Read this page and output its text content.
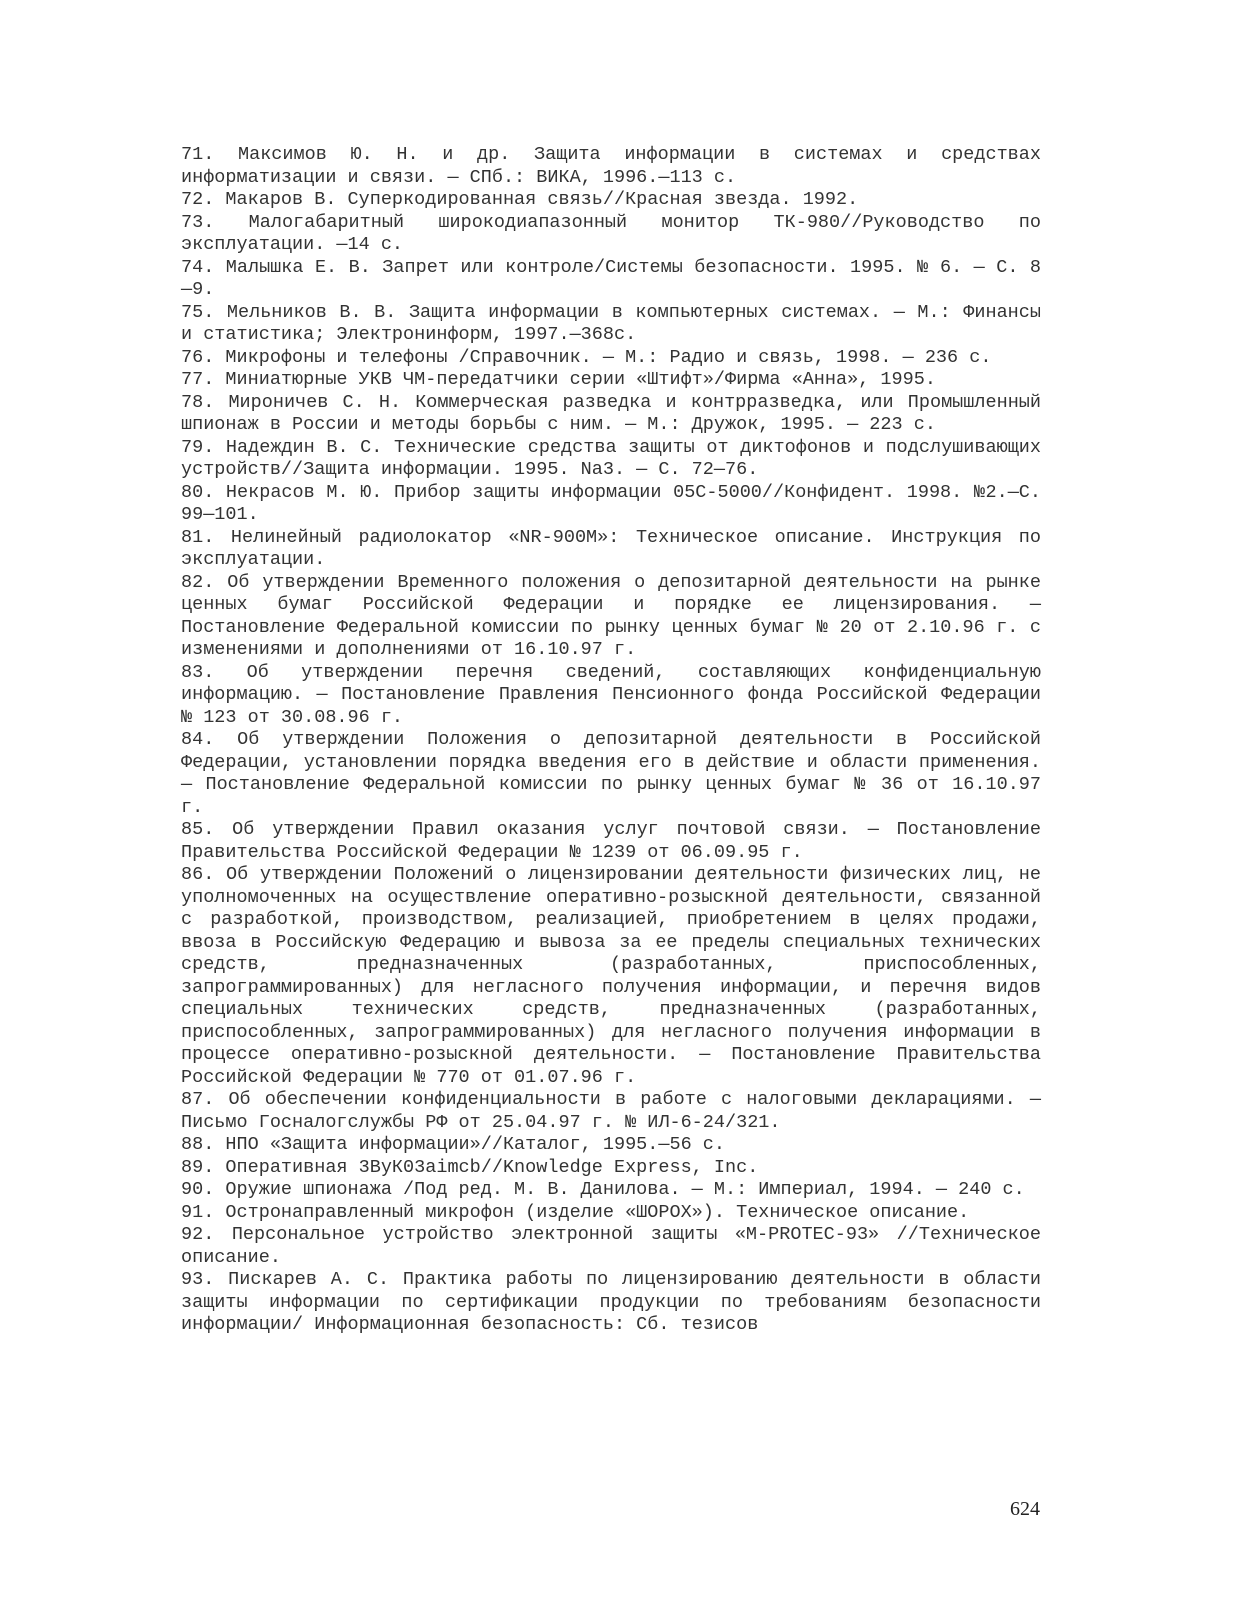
71. Максимов Ю. Н. и др. Защита информации в системах и средствах информатизации и связи. — СПб.: ВИКА, 1996.—113 с.

72. Макаров В. Суперкодированная связь//Красная звезда. 1992.

73. Малогабаритный широкодиапазонный монитор ТК-980//Руководство по эксплуатации. —14 с.

74. Малышка Е. В. Запрет или контроле/Системы безопасности. 1995. № 6. — С. 8—9.

75. Мельников В. В. Защита информации в компьютерных системах. — М.: Финансы и статистика; Электронинформ, 1997.—368с.

76. Микрофоны и телефоны /Справочник. — М.: Радио и связь, 1998. — 236 с.

77. Миниатюрные УКВ ЧМ-передатчики серии «Штифт»/Фирма «Анна», 1995.

78. Мироничев С. Н. Коммерческая разведка и контрразведка, или Промышленный шпионаж в России и методы борьбы с ним. — М.: Дружок, 1995. — 223 с.

79. Надеждин В. С. Технические средства защиты от диктофонов и подслушивающих устройств//Защита информации. 1995. Na3. — С. 72—76.

80. Некрасов М. Ю. Прибор защиты информации 05С-5000//Конфидент. 1998. №2.—С. 99—101.

81. Нелинейный радиолокатор «NR-900М»: Техническое описание. Инструкция по эксплуатации.

82. Об утверждении Временного положения о депозитарной деятельности на рынке ценных бумаг Российской Федерации и порядке ее лицензирования. — Постановление Федеральной комиссии по рынку ценных бумаг № 20 от 2.10.96 г. с изменениями и дополнениями от 16.10.97 г.

83. Об утверждении перечня сведений, составляющих конфиденциальную информацию. — Постановление Правления Пенсионного фонда Российской Федерации № 123 от 30.08.96 г.

84. Об утверждении Положения о депозитарной деятельности в Российской Федерации, установлении порядка введения его в действие и области применения. — Постановление Федеральной комиссии по рынку ценных бумаг № 36 от 16.10.97 г.

85. Об утверждении Правил оказания услуг почтовой связи. — Постановление Правительства Российской Федерации № 1239 от 06.09.95 г.

86. Об утверждении Положений о лицензировании деятельности физических лиц, не уполномоченных на осуществление оперативно-розыскной деятельности, связанной с разработкой, производством, реализацией, приобретением в целях продажи, ввоза в Российскую Федерацию и вывоза за ее пределы специальных технических средств, предназначенных (разработанных, приспособленных, запрограммированных) для негласного получения информации, и перечня видов специальных технических средств, предназначенных (разработанных, приспособленных, запрограммированных) для негласного получения информации в процессе оперативно-розыскной деятельности. — Постановление Правительства Российской Федерации № 770 от 01.07.96 г.

87. Об обеспечении конфиденциальности в работе с налоговыми декларациями. — Письмо Госналогслужбы РФ от 25.04.97 г. № ИЛ-6-24/321.

88. НПО «Защита информации»//Каталог, 1995.—56 с.

89. Оперативная 3ВуК03aimcb//Knowledge Express, Inc.

90. Оружие шпионажа /Под ред. М. В. Данилова. — М.: Империал, 1994. — 240 с.

91. Остронаправленный микрофон (изделие «ШОРОХ»). Техническое описание.

92. Персональное устройство электронной защиты «M-PROTEC-93» //Техническое описание.

93. Пискарев А. С. Практика работы по лицензированию деятельности в области защиты информации по сертификации продукции по требованиям безопасности информации/ Информационная безопасность: Сб. тезисов

624
